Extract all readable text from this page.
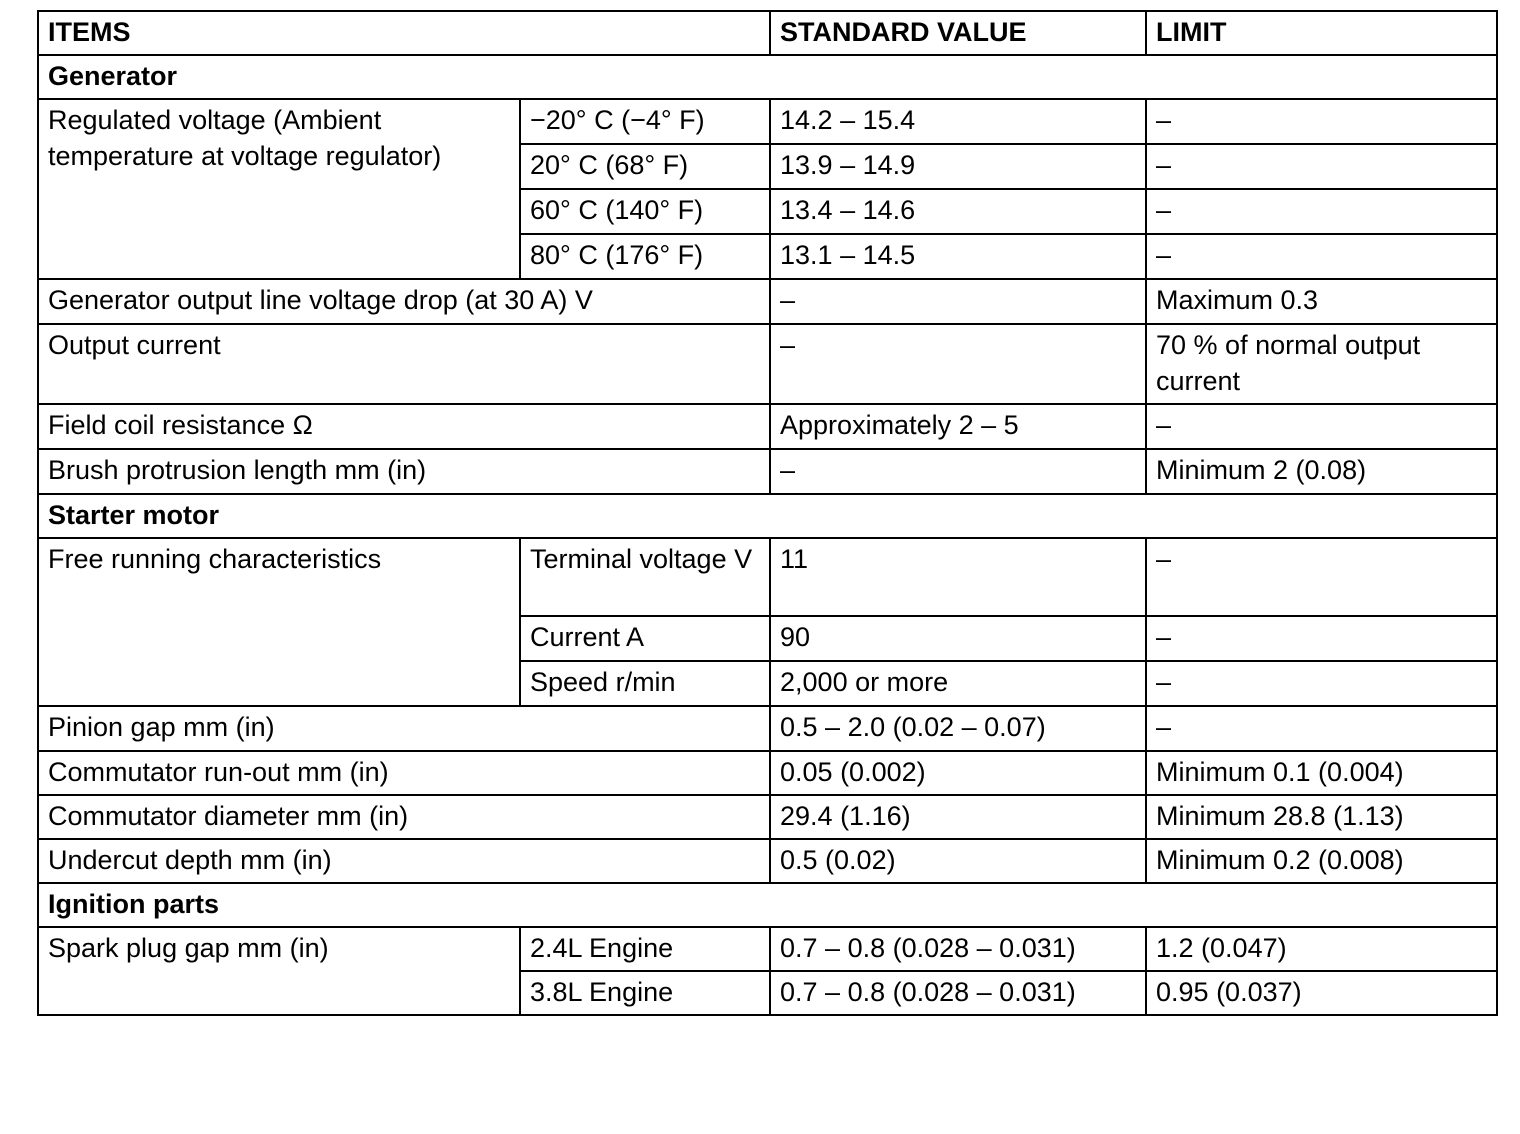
ITEMS		STANDARD VALUE	LIMIT
Generator			
Regulated voltage (Ambient temperature at voltage regulator)	−20° C (−4° F)	14.2 – 15.4	–
	20° C (68° F)	13.9 – 14.9	–
	60° C (140° F)	13.4 – 14.6	–
	80° C (176° F)	13.1 – 14.5	–
Generator output line voltage drop (at 30 A) V		–	Maximum 0.3
Output current		–	70 % of normal output current
Field coil resistance Ω		Approximately 2 – 5	–
Brush protrusion length mm (in)		–	Minimum 2 (0.08)
Starter motor			
Free running characteristics	Terminal voltage V	11	–
	Current A	90	–
	Speed r/min	2,000 or more	–
Pinion gap mm (in)		0.5 – 2.0 (0.02 – 0.07)	–
Commutator run-out mm (in)		0.05 (0.002)	Minimum 0.1 (0.004)
Commutator diameter mm (in)		29.4 (1.16)	Minimum 28.8 (1.13)
Undercut depth mm (in)		0.5 (0.02)	Minimum 0.2 (0.008)
Ignition parts			
Spark plug gap mm (in)	2.4L Engine	0.7 – 0.8 (0.028 – 0.031)	1.2 (0.047)
	3.8L Engine	0.7 – 0.8 (0.028 – 0.031)	0.95 (0.037)
